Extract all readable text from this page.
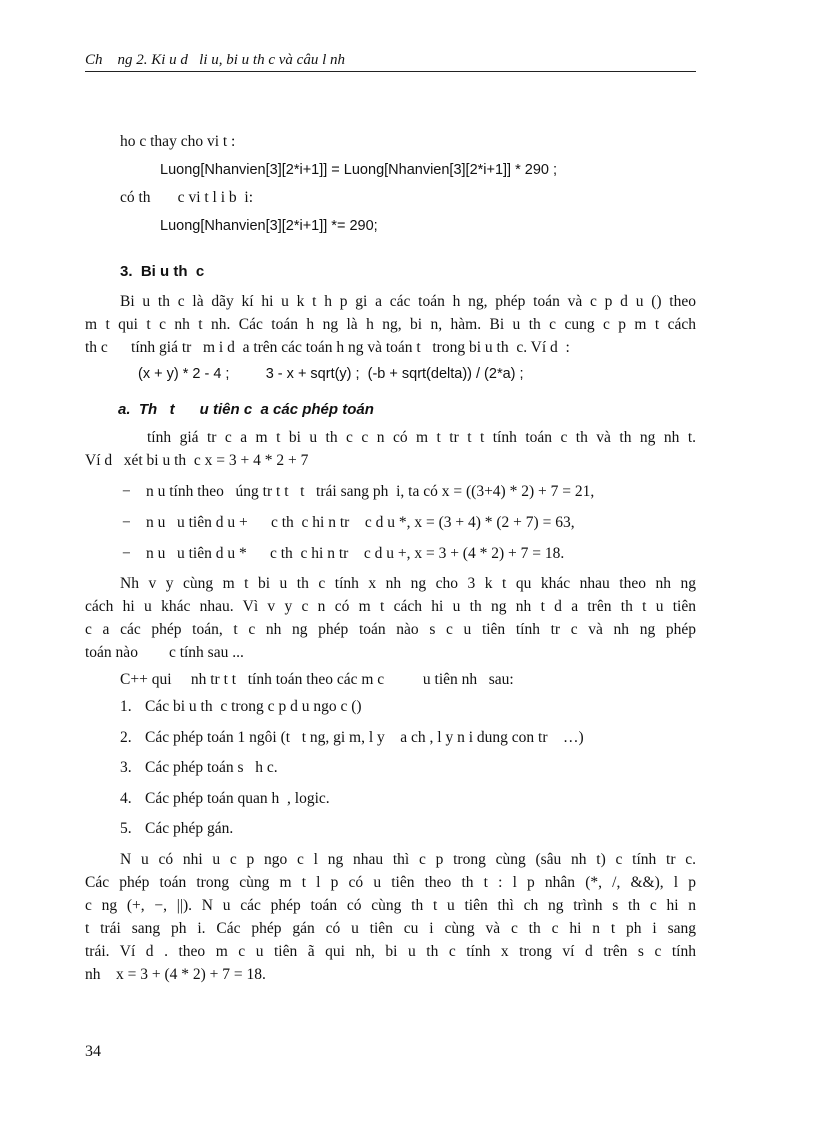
Ch    ng 2. Ki u d   li u, bi u th c và câu l nh
ho c thay cho vi t :
Luong[Nhanvien[3][2*i+1]] = Luong[Nhanvien[3][2*i+1]] * 290 ;
có th       c vi t l i b  i:
Luong[Nhanvien[3][2*i+1]] *= 290;
3.  Bi u th  c
Bi u th c là dãy kí hi u k t h p gi a các toán h ng, phép toán và c p d u () theo
m t qui t c nh t nh. Các toán h ng là h ng, bi n, hàm. Bi u th c cung c p m t cách
th c      tính giá tr   m i d  a trên các toán h ng và toán t   trong bi u th  c. Ví d  :
(x + y) * 2 - 4 ;         3 - x + sqrt(y) ;  (-b + sqrt(delta)) / (2*a) ;
a.  Th   t      u tiên c  a các phép toán
tính giá tr c a m t bi u th c c n có m t tr t t tính toán c th và th ng nh t.
Ví d   xét bi u th  c x = 3 + 4 * 2 + 7
− n u tính theo   úng tr t t   t   trái sang ph  i, ta có x = ((3+4) * 2) + 7 = 21,
− n u   u tiên d u +      c th  c hi n tr    c d u *, x = (3 + 4) * (2 + 7) = 63,
− n u   u tiên d u *      c th  c hi n tr    c d u +, x = 3 + (4 * 2) + 7 = 18.
Nh v y cùng m t bi u th c tính x nh ng cho 3 k t qu khác nhau theo nh ng
cách hi u khác nhau. Vì v y c n có m t cách hi u th ng nh t d a trên th t u tiên
c a các phép toán, t c nh ng phép toán nào s c u tiên tính tr c và nh ng phép
toán nào        c tính sau ...
C++ qui     nh tr t t   tính toán theo các m c          u tiên nh   sau:
1. Các bi u th  c trong c p d u ngo c ()
2. Các phép toán 1 ngôi (t   t ng, gi m, l y    a ch , l y n i dung con tr    …)
3. Các phép toán s   h c.
4. Các phép toán quan h  , logic.
5. Các phép gán.
N u có nhi u c p ngo c l ng nhau thì c p trong cùng (sâu nh t) c tính tr c.
Các phép toán trong cùng m t l p có u tiên theo th t : l p nhân (*, /, &&), l p
c ng (+, −, ||). N u các phép toán có cùng th t u tiên thì ch ng trình s th c hi n
t trái sang ph i. Các phép gán có u tiên cu i cùng và c th c hi n t ph i sang
trái. Ví d . theo m c u tiên ã qui nh, bi u th c tính x trong ví d trên s c tính
nh    x = 3 + (4 * 2) + 7 = 18.
34
